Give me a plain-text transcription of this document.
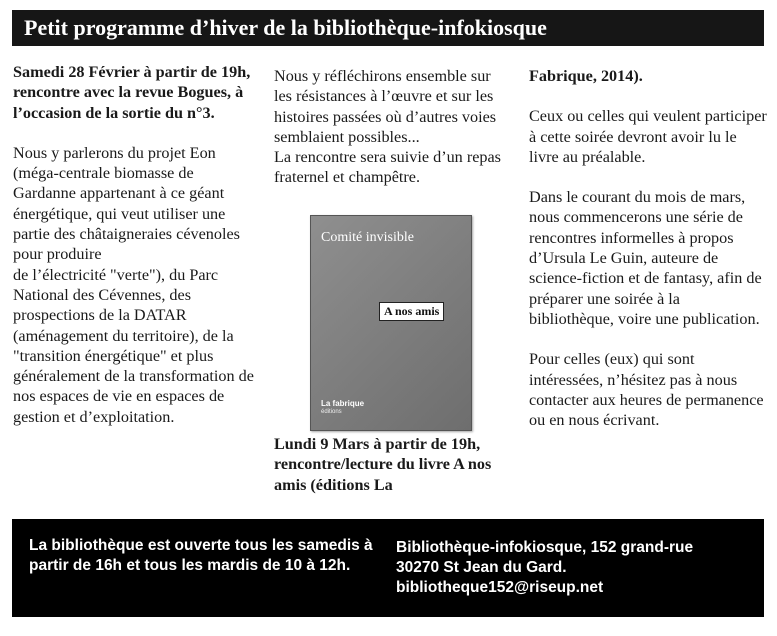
Petit programme d’hiver de la bibliothèque-infokiosque

Samedi 28 Février à partir de 19h, rencontre avec la revue Bogues, à l’occasion de la sortie du n°3.

Nous y parlerons du projet Eon (méga-centrale biomasse de Gardanne appartenant à ce géant énergétique, qui veut utiliser une partie des châtaigneraies cévenoles pour produire

de l’électricité "verte"), du Parc National des Cévennes, des prospections de la DATAR (aménagement du territoire), de la "transition énergétique" et plus généralement de la transformation de nos espaces de vie en espaces de gestion et d’exploitation.

Nous y réfléchirons ensemble sur les résistances à l’œuvre et sur les histoires passées où d’autres voies semblaient possibles...

La rencontre sera suivie d’un repas fraternel et champêtre.

Lundi 9 Mars à partir de 19h, rencontre/lecture du livre A nos amis (éditions La

Comité invisible
A nos amis
La fabrique
éditions

Fabrique, 2014).

Ceux ou celles qui veulent participer à cette soirée devront avoir lu le livre au préalable.

Dans le courant du mois de mars, nous commencerons une série de rencontres informelles à propos d’Ursula Le Guin, auteure de science-fiction et de fantasy, afin de préparer une soirée à la bibliothèque, voire une publication.

Pour celles (eux) qui sont intéressées, n’hésitez pas à nous contacter aux heures de permanence ou en nous écrivant.

La bibliothèque est ouverte tous les samedis à partir de 16h et tous les mardis de 10 à 12h.
Bibliothèque-infokiosque, 152 grand-rue
30270 St Jean du Gard.
bibliotheque152@riseup.net
